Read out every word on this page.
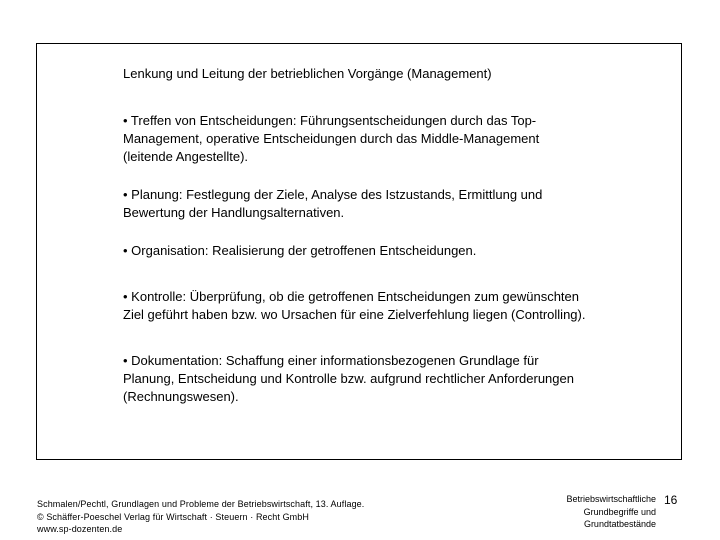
Lenkung und Leitung der betrieblichen Vorgänge (Management)
• Treffen von Entscheidungen: Führungsentscheidungen durch das Top-
Management, operative Entscheidungen durch das Middle-Management
(leitende Angestellte).
• Planung: Festlegung der Ziele, Analyse des Istzustands, Ermittlung und
Bewertung der Handlungsalternativen.
• Organisation: Realisierung der getroffenen Entscheidungen.
• Kontrolle: Überprüfung, ob die getroffenen Entscheidungen zum gewünschten
Ziel geführt haben bzw. wo Ursachen für eine Zielverfehlung liegen (Controlling).
• Dokumentation: Schaffung einer informationsbezogenen Grundlage für
Planung, Entscheidung und Kontrolle bzw. aufgrund rechtlicher Anforderungen
(Rechnungswesen).
Schmalen/Pechtl, Grundlagen und Probleme der Betriebswirtschaft, 13. Auflage.
© Schäffer-Poeschel Verlag für Wirtschaft · Steuern · Recht GmbH
www.sp-dozenten.de
Betriebswirtschaftliche
Grundbegriffe und
Grundtatbestände
16
